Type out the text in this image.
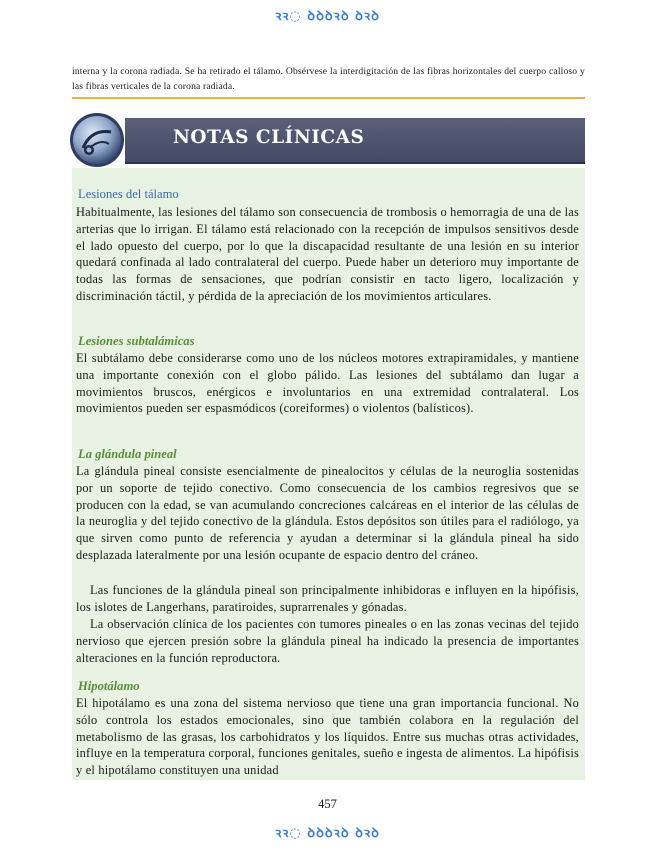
ꝛꝛ◌ ꝺꝺꝺꝛꝺ ꝺꝛꝺ
interna y la corona radiada. Se ha retirado el tálamo. Obsérvese la interdigitación de las fibras horizontales del cuerpo calloso y las fibras verticales de la corona radiada.
NOTAS CLÍNICAS
Lesiones del tálamo
Habitualmente, las lesiones del tálamo son consecuencia de trombosis o hemorragia de una de las arterias que lo irrigan. El tálamo está relacionado con la recepción de impulsos sensitivos desde el lado opuesto del cuerpo, por lo que la discapacidad resultante de una lesión en su interior quedará confinada al lado contralateral del cuerpo. Puede haber un deterioro muy importante de todas las formas de sensaciones, que podrían consistir en tacto ligero, localización y discriminación táctil, y pérdida de la apreciación de los movimientos articulares.
Lesiones subtalámicas
El subtálamo debe considerarse como uno de los núcleos motores extrapiramidales, y mantiene una importante conexión con el globo pálido. Las lesiones del subtálamo dan lugar a movimientos bruscos, enérgicos e involuntarios en una extremidad contralateral. Los movimientos pueden ser espasmódicos (coreiformes) o violentos (balísticos).
La glándula pineal
La glándula pineal consiste esencialmente de pinealocitos y células de la neuroglia sostenidas por un soporte de tejido conectivo. Como consecuencia de los cambios regresivos que se producen con la edad, se van acumulando concreciones calcáreas en el interior de las células de la neuroglia y del tejido conectivo de la glándula. Estos depósitos son útiles para el radiólogo, ya que sirven como punto de referencia y ayudan a determinar si la glándula pineal ha sido desplazada lateralmente por una lesión ocupante de espacio dentro del cráneo.
Las funciones de la glándula pineal son principalmente inhibidoras e influyen en la hipófisis, los islotes de Langerhans, paratiroides, suprarrenales y gónadas.
La observación clínica de los pacientes con tumores pineales o en las zonas vecinas del tejido nervioso que ejercen presión sobre la glándula pineal ha indicado la presencia de importantes alteraciones en la función reproductora.
Hipotálamo
El hipotálamo es una zona del sistema nervioso que tiene una gran importancia funcional. No sólo controla los estados emocionales, sino que también colabora en la regulación del metabolismo de las grasas, los carbohidratos y los líquidos. Entre sus muchas otras actividades, influye en la temperatura corporal, funciones genitales, sueño e ingesta de alimentos. La hipófisis y el hipotálamo constituyen una unidad
457
ꝛꝛ◌ ꝺꝺꝺꝛꝺ ꝺꝛꝺ
